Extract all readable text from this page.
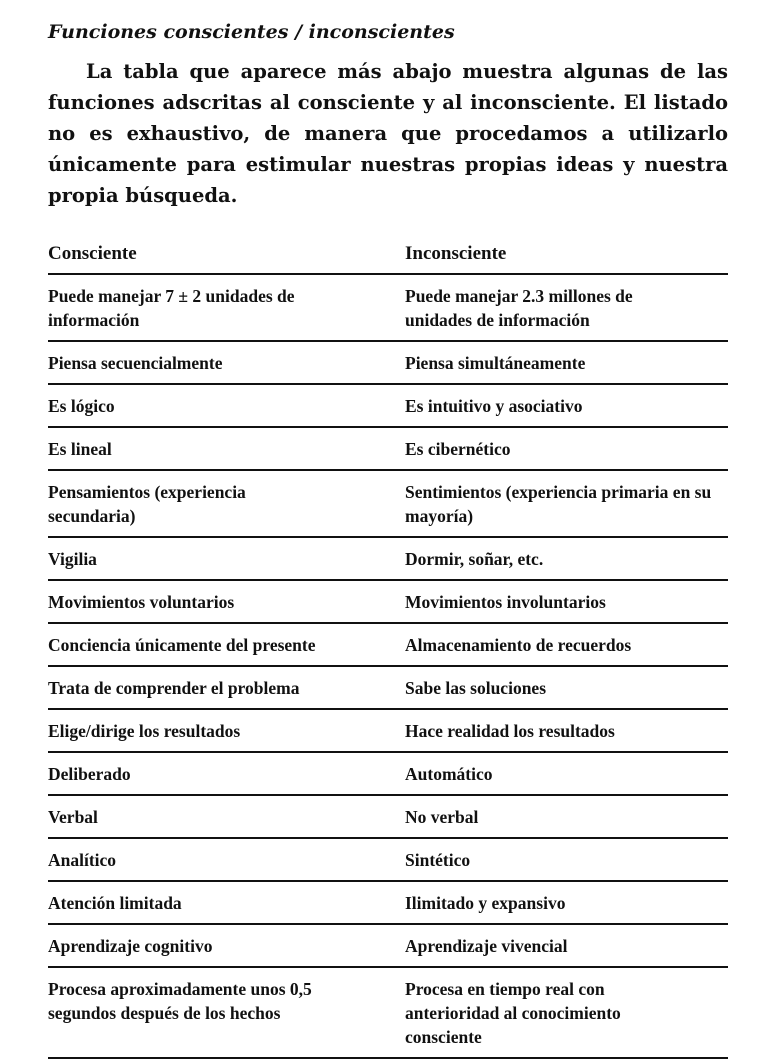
Funciones conscientes / inconscientes

La tabla que aparece más abajo muestra algunas de las funciones adscritas al consciente y al inconsciente. El listado no es exhaustivo, de manera que procedamos a utilizarlo únicamente para estimular nuestras propias ideas y nuestra propia búsqueda.

Consciente	Inconsciente

Puede manejar 7 ± 2 unidades de información	Puede manejar 2.3 millones de unidades de información

Piensa secuencialmente	Piensa simultáneamente
Es lógico	Es intuitivo y asociativo
Es lineal	Es cibernético

Pensamientos (experiencia secundaria)	Sentimientos (experiencia primaria en su mayoría)
Vigilia	Dormir, soñar, etc.
Movimientos voluntarios	Movimientos involuntarios
Conciencia únicamente del presente	Almacenamiento de recuerdos
Trata de comprender el problema	Sabe las soluciones
Elige/dirige los resultados	Hace realidad los resultados
Deliberado	Automático
Verbal	No verbal
Analítico	Sintético
Atención limitada	Ilimitado y expansivo
Aprendizaje cognitivo	Aprendizaje vivencial

Procesa aproximadamente unos 0,5 segundos después de los hechos	Procesa en tiempo real con anterioridad al conocimiento consciente
